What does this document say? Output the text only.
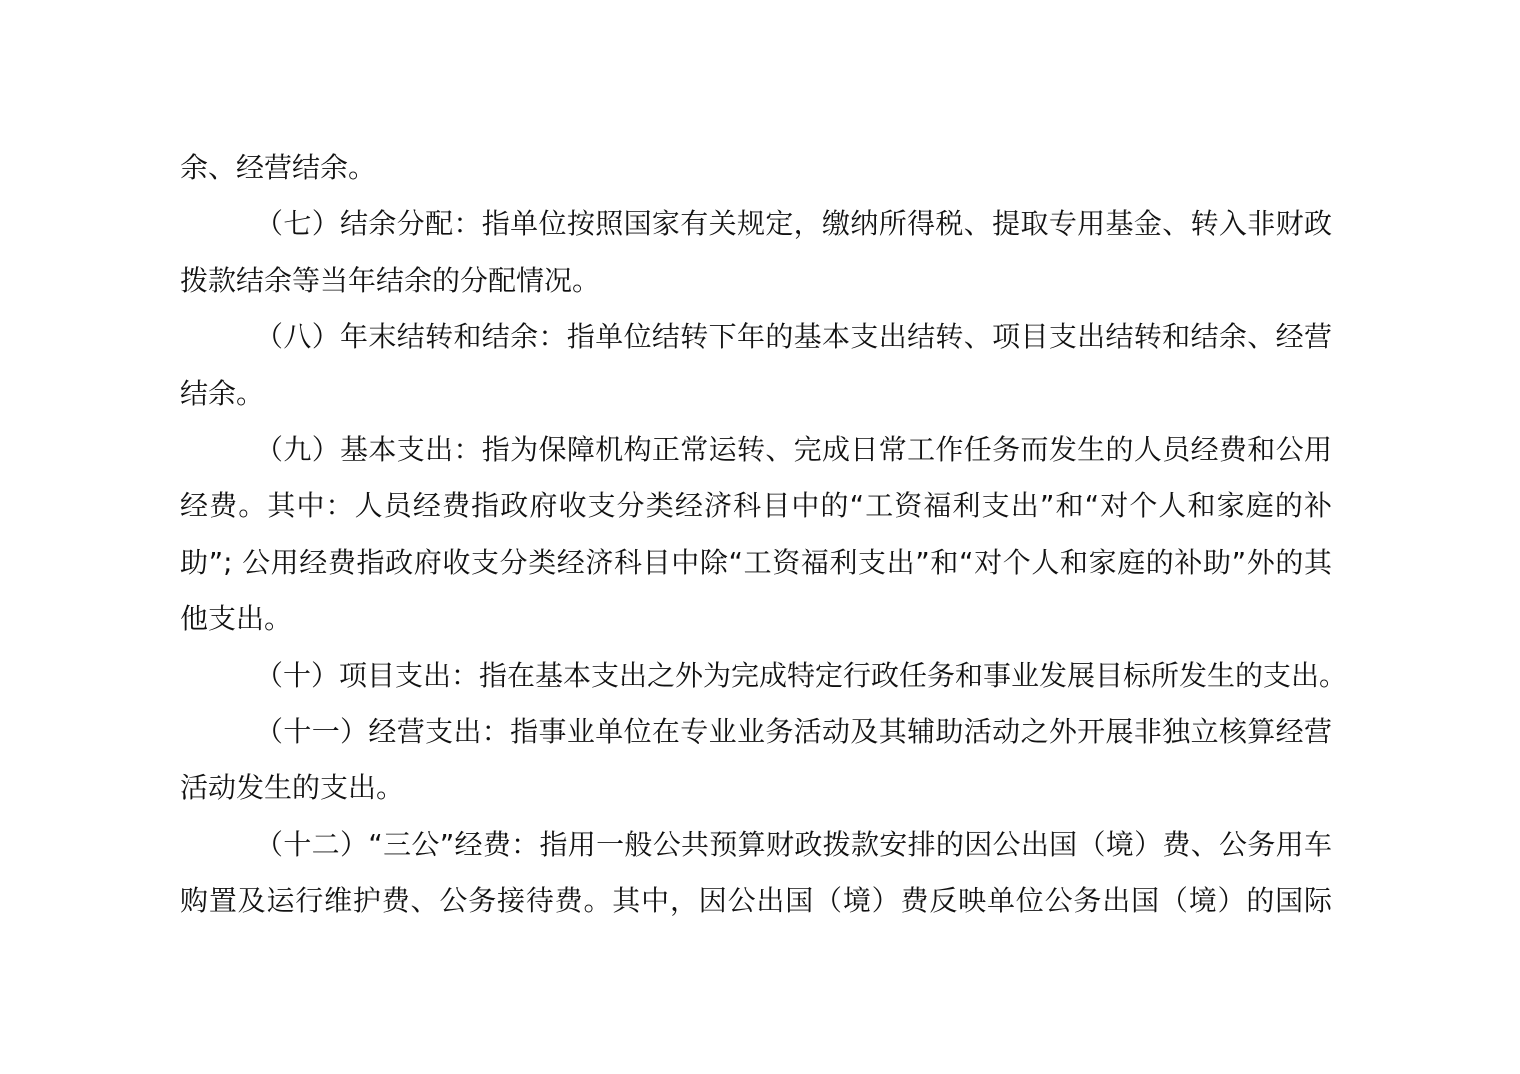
余、经营结余。
（七）结余分配：指单位按照国家有关规定，缴纳所得税、提取专用基金、转入非财政
拨款结余等当年结余的分配情况。
（八）年末结转和结余：指单位结转下年的基本支出结转、项目支出结转和结余、经营
结余。
（九）基本支出：指为保障机构正常运转、完成日常工作任务而发生的人员经费和公用
经费。其中：人员经费指政府收支分类经济科目中的“工资福利支出”和“对个人和家庭的补
助”; 公用经费指政府收支分类经济科目中除“工资福利支出”和“对个人和家庭的补助”外的其
他支出。
（十）项目支出：指在基本支出之外为完成特定行政任务和事业发展目标所发生的支出。
（十一）经营支出：指事业单位在专业业务活动及其辅助活动之外开展非独立核算经营
活动发生的支出。
（十二）“三公”经费：指用一般公共预算财政拨款安排的因公出国（境）费、公务用车
购置及运行维护费、公务接待费。其中，因公出国（境）费反映单位公务出国（境）的国际
